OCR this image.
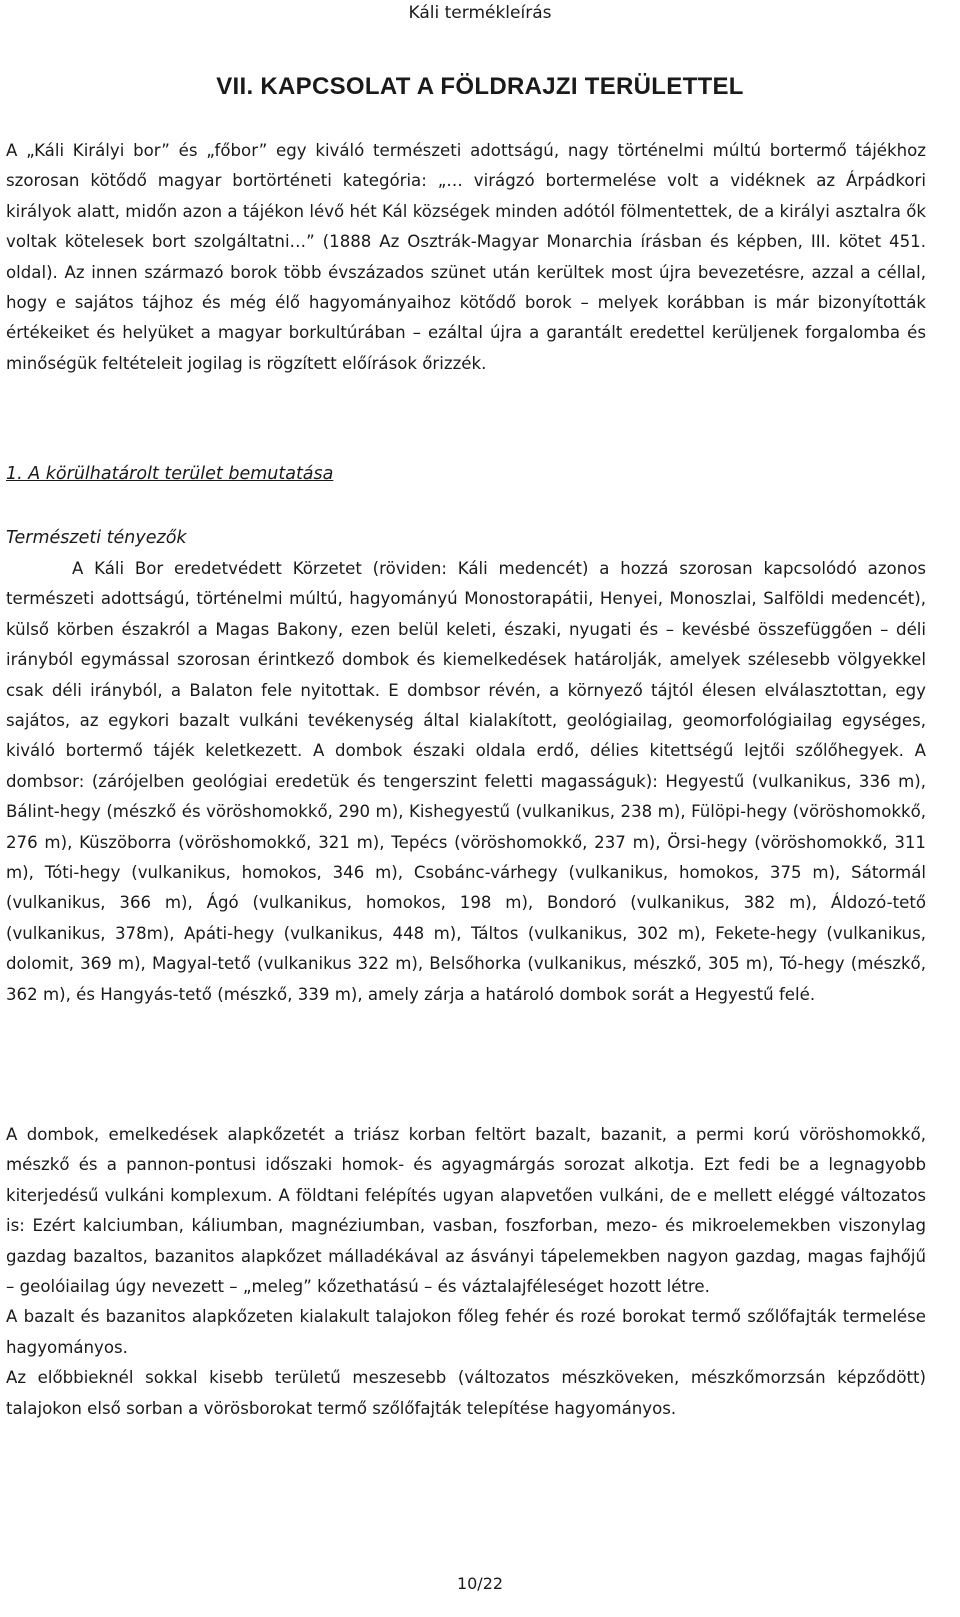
Káli termékleírás
VII. KAPCSOLAT A FÖLDRAJZI TERÜLETTEL

A „Káli Királyi bor” és „főbor” egy kiváló természeti adottságú, nagy történelmi múltú bortermő tájékhoz szorosan kötődő magyar bortörténeti kategória: „… virágzó bortermelése volt a vidéknek az Árpádkori királyok alatt, midőn azon a tájékon lévő hét Kál községek minden adótól fölmentettek, de a királyi asztalra ők voltak kötelesek bort szolgáltatni…” (1888 Az Osztrák-Magyar Monarchia írásban és képben, III. kötet 451. oldal). Az innen származó borok több évszázados szünet után kerültek most újra bevezetésre, azzal a céllal, hogy e sajátos tájhoz és még élő hagyományaihoz kötődő borok – melyek korábban is már bizonyították értékeiket és helyüket a magyar borkultúrában – ezáltal újra a garantált eredettel kerüljenek forgalomba és minőségük feltételeit jogilag is rögzített előírások őrizzék.

1. A körülhatárolt terület bemutatása

Természeti tényezők

A Káli Bor eredetvédett Körzetet (röviden: Káli medencét) a hozzá szorosan kapcsolódó azonos természeti adottságú, történelmi múltú, hagyományú Monostorapátii, Henyei, Monoszlai, Salföldi medencét), külső körben északról a Magas Bakony, ezen belül keleti, északi, nyugati és – kevésbé összefüggően – déli irányból egymással szorosan érintkező dombok és kiemelkedések határolják, amelyek szélesebb völgyekkel csak déli irányból, a Balaton fele nyitottak. E dombsor révén, a környező tájtól élesen elválasztottan, egy sajátos, az egykori bazalt vulkáni tevékenység által kialakított, geológiailag, geomorfológiailag egységes, kiváló bortermő tájék keletkezett. A dombok északi oldala erdő, délies kitettségű lejtői szőlőhegyek. A dombsor: (zárójelben geológiai eredetük és tengerszint feletti magasságuk): Hegyestű (vulkanikus, 336 m), Bálint-hegy (mészkő és vöröshomokkő, 290 m), Kishegyestű (vulkanikus, 238 m), Fülöpi-hegy (vöröshomokkő, 276 m), Küszöborra (vöröshomokkő, 321 m), Tepécs (vöröshomokkő, 237 m), Örsi-hegy (vöröshomokkő, 311 m), Tóti-hegy (vulkanikus, homokos, 346 m), Csobánc-várhegy (vulkanikus, homokos, 375 m), Sátormál (vulkanikus, 366 m), Ágó (vulkanikus, homokos, 198 m), Bondoró (vulkanikus, 382 m), Áldozó-tető (vulkanikus, 378m), Apáti-hegy (vulkanikus, 448 m), Táltos (vulkanikus, 302 m), Fekete-hegy (vulkanikus, dolomit, 369 m), Magyal-tető (vulkanikus 322 m), Belsőhorka (vulkanikus, mészkő, 305 m), Tó-hegy (mészkő, 362 m), és Hangyás-tető (mészkő, 339 m), amely zárja a határoló dombok sorát a Hegyestű felé.

A dombok, emelkedések alapkőzetét a triász korban feltört bazalt, bazanit, a permi korú vöröshomokkő, mészkő és a pannon-pontusi időszaki homok- és agyagmárgás sorozat alkotja. Ezt fedi be a legnagyobb kiterjedésű vulkáni komplexum. A földtani felépítés ugyan alapvetően vulkáni, de e mellett eléggé változatos is: Ezért kalciumban, káliumban, magnéziumban, vasban, foszforban, mezo- és mikroelemekben viszonylag gazdag bazaltos, bazanitos alapkőzet málladékával az ásványi tápelemekben nagyon gazdag, magas fajhőjű – geolóiailag úgy nevezett – „meleg” kőzethatású – és váztalajféleséget hozott létre.

A bazalt és bazanitos alapkőzeten kialakult talajokon főleg fehér és rozé borokat termő szőlőfajták termelése hagyományos.

Az előbbieknél sokkal kisebb területű meszesebb (változatos mészköveken, mészkőmorzsán képződött) talajokon első sorban a vörösborokat termő szőlőfajták telepítése hagyományos.

10/22
